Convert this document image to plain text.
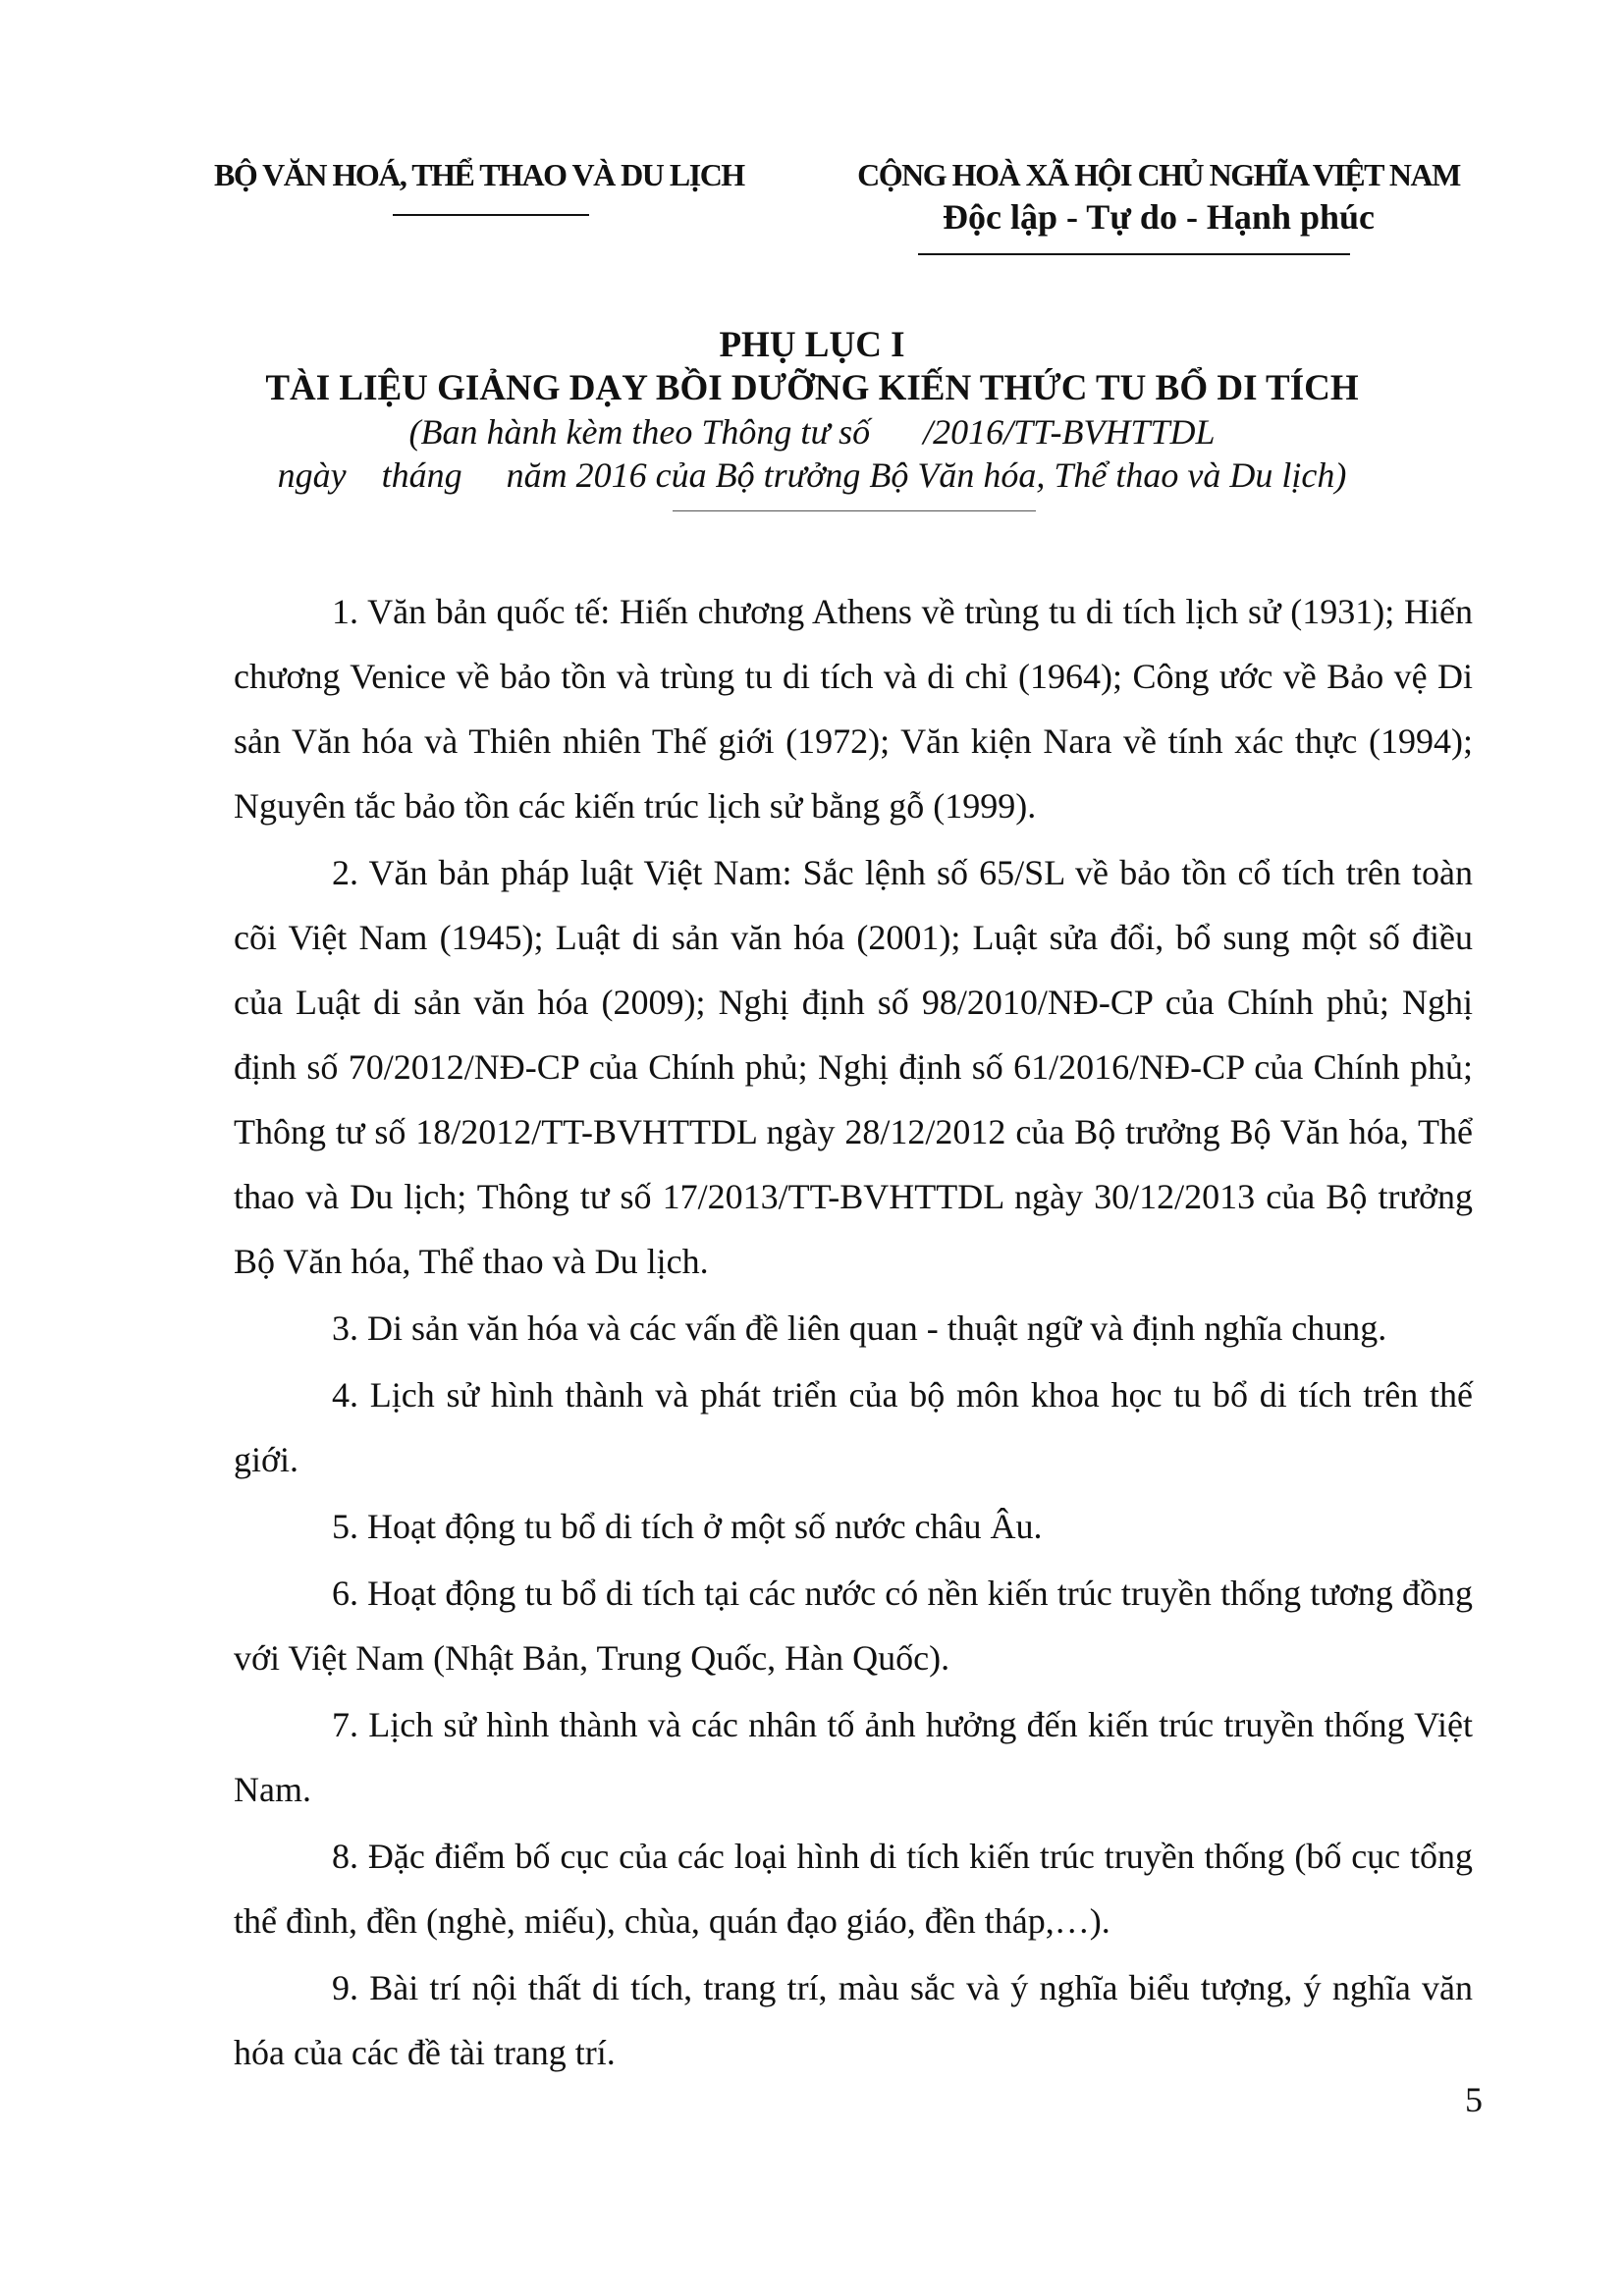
BỘ VĂN HOÁ, THỂ THAO VÀ DU LỊCH	CỘNG HOÀ XÃ HỘI CHỦ NGHĨA VIỆT NAM
Độc lập - Tự do - Hạnh phúc
PHỤ LỤC I
TÀI LIỆU GIẢNG DẠY BỒI DƯỠNG KIẾN THỨC TU BỔ DI TÍCH
(Ban hành kèm theo Thông tư số      /2016/TT-BVHTTDL
ngày    tháng     năm 2016 của Bộ trưởng Bộ Văn hóa, Thể thao và Du lịch)

1. Văn bản quốc tế: Hiến chương Athens về trùng tu di tích lịch sử (1931); Hiến chương Venice về bảo tồn và trùng tu di tích và di chỉ (1964); Công ước về Bảo vệ Di sản Văn hóa và Thiên nhiên Thế giới (1972); Văn kiện Nara về tính xác thực (1994); Nguyên tắc bảo tồn các kiến trúc lịch sử bằng gỗ (1999).

2. Văn bản pháp luật Việt Nam: Sắc lệnh số 65/SL về bảo tồn cổ tích trên toàn cõi Việt Nam (1945); Luật di sản văn hóa (2001); Luật sửa đổi, bổ sung một số điều của Luật di sản văn hóa (2009); Nghị định số 98/2010/NĐ-CP của Chính phủ; Nghị định số 70/2012/NĐ-CP của Chính phủ; Nghị định số 61/2016/NĐ-CP của Chính phủ; Thông tư số 18/2012/TT-BVHTTDL ngày 28/12/2012 của Bộ trưởng Bộ Văn hóa, Thể thao và Du lịch; Thông tư số 17/2013/TT-BVHTTDL ngày 30/12/2013 của Bộ trưởng Bộ Văn hóa, Thể thao và Du lịch.

3. Di sản văn hóa và các vấn đề liên quan - thuật ngữ và định nghĩa chung.

4. Lịch sử hình thành và phát triển của bộ môn khoa học tu bổ di tích trên thế giới.

5. Hoạt động tu bổ di tích ở một số nước châu Âu.

6. Hoạt động tu bổ di tích tại các nước có nền kiến trúc truyền thống tương đồng với Việt Nam (Nhật Bản, Trung Quốc, Hàn Quốc).

7. Lịch sử hình thành và các nhân tố ảnh hưởng đến kiến trúc truyền thống Việt Nam.

8. Đặc điểm bố cục của các loại hình di tích kiến trúc truyền thống (bố cục tổng thể đình, đền (nghè, miếu), chùa, quán đạo giáo, đền tháp,…).

9. Bài trí nội thất di tích, trang trí, màu sắc và ý nghĩa biểu tượng, ý nghĩa văn hóa của các đề tài trang trí.

5
